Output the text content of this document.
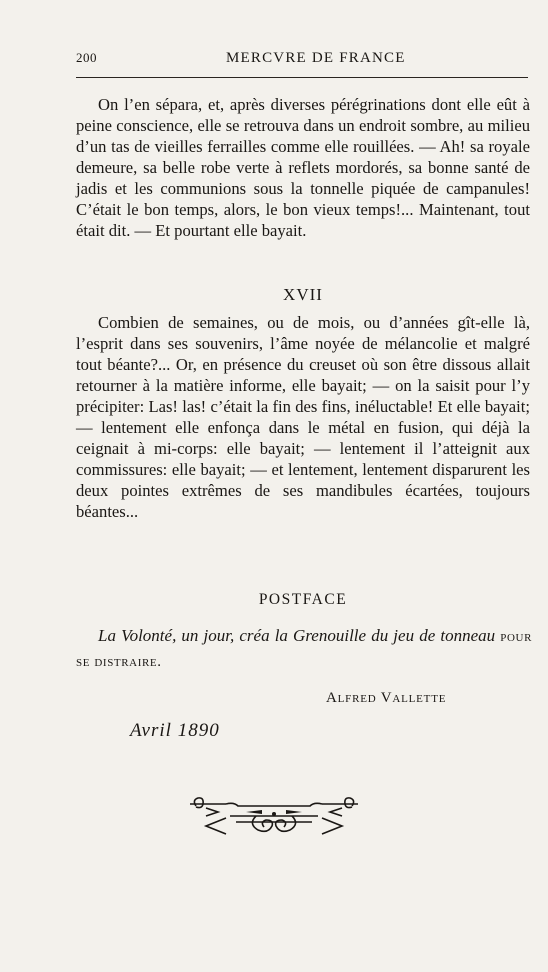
200	MERCVRE DE FRANCE

On l’en sépara, et, après diverses pérégrinations dont elle eût à peine conscience, elle se retrouva dans un endroit sombre, au milieu d’un tas de vieilles ferrailles comme elle rouillées. — Ah! sa royale demeure, sa belle robe verte à reflets mordorés, sa bonne santé de jadis et les communions sous la tonnelle piquée de campanules! C’était le bon temps, alors, le bon vieux temps!... Maintenant, tout était dit. — Et pourtant elle bayait.

XVII

Combien de semaines, ou de mois, ou d’années gît-elle là, l’esprit dans ses souvenirs, l’âme noyée de mélancolie et malgré tout béante?... Or, en présence du creuset où son être dissous allait retourner à la matière informe, elle bayait; — on la saisit pour l’y précipiter: Las! las! c’était la fin des fins, inéluctable! Et elle bayait; — lentement elle enfonça dans le métal en fusion, qui déjà la ceignait à mi-corps: elle bayait; — lentement il l’atteignit aux commissures: elle bayait; — et lentement, lentement disparurent les deux pointes extrêmes de ses mandibules écartées, toujours béantes...

POSTFACE

La Volonté, un jour, créa la Grenouille du jeu de tonneau pour se distraire.

Alfred Vallette
Avril 1890
